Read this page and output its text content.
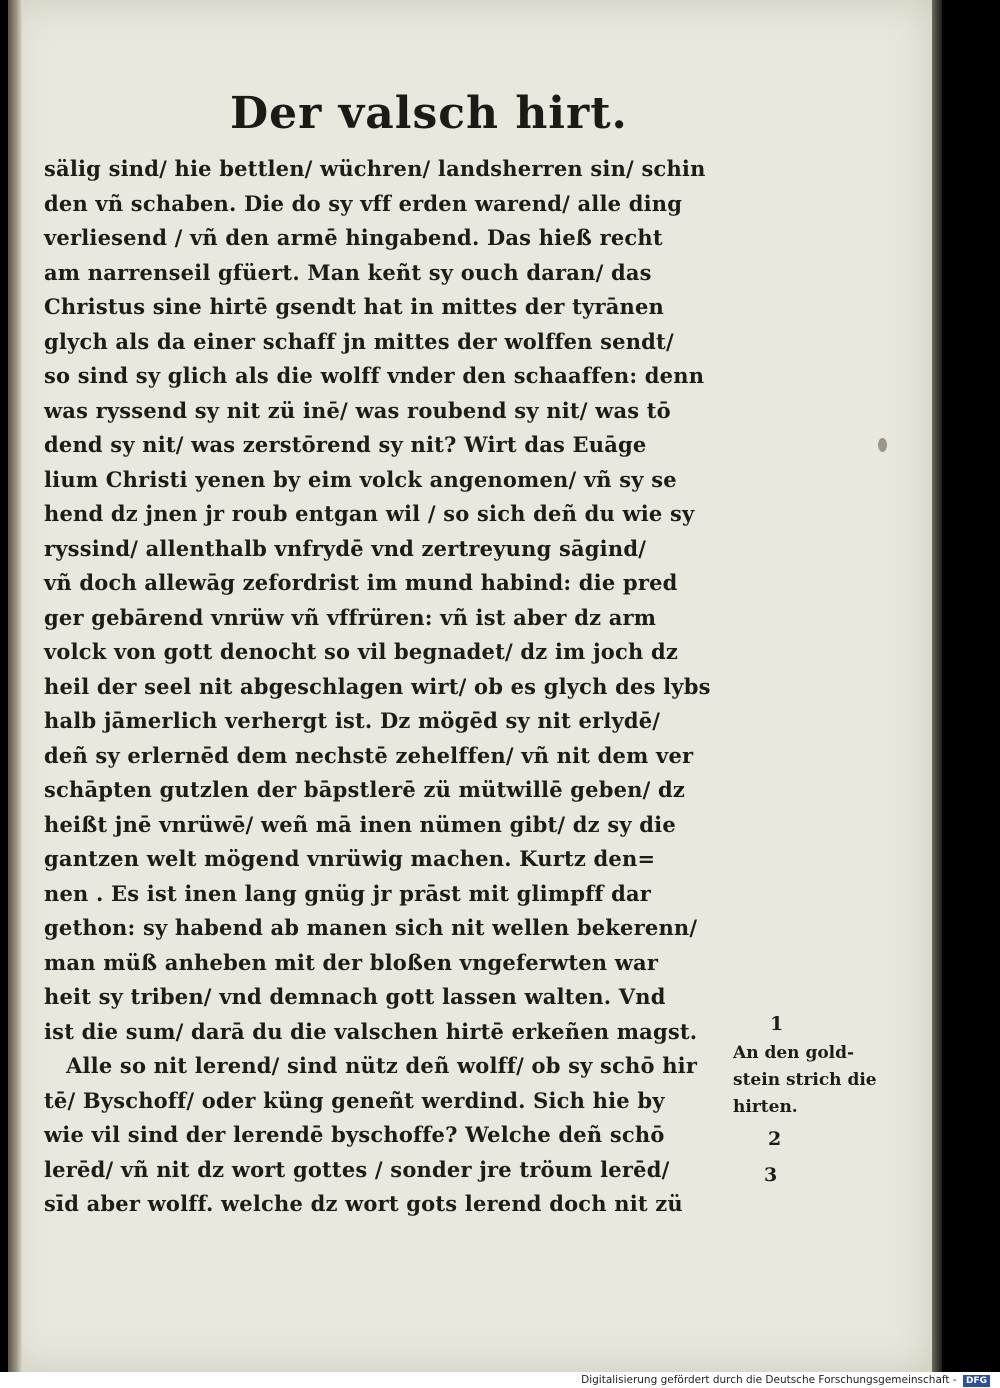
Der valsch hirt.
sälig sind/ hie bettlen/ wüchren/ landsherren sin/ schin
den vñ schaben. Die do sy vff erden warend/ alle ding
verliesend / vñ den armē hingabend. Das hieß recht
am narrenseil gfüert. Man keñt sy ouch daran/ das
Christus sine hirtē gsendt hat in mittes der tyrānen
glych als da einer schaff jn mittes der wolffen sendt/
so sind sy glich als die wolff vnder den schaaffen: denn
was ryssend sy nit zü inē/ was roubend sy nit/ was tō
dend sy nit/ was zerstōrend sy nit? Wirt das Euāge
lium Christi yenen by eim volck angenomen/ vñ sy se
hend dz jnen jr roub entgan wil / so sich deñ du wie sy
ryssind/ allenthalb vnfrydē vnd zertreyung sāgind/
vñ doch allewāg zefordrist im mund habind: die pred
ger gebārend vnrüw vñ vffrüren: vñ ist aber dz arm
volck von gott denocht so vil begnadet/ dz im joch dz
heil der seel nit abgeschlagen wirt/ ob es glych des lybs
halb jāmerlich verhergt ist. Dz mögēd sy nit erlydē/
deñ sy erlernēd dem nechstē zehelffen/ vñ nit dem ver
schāpten gutzlen der bāpstlerē zü mütwillē geben/ dz
heißt jnē vnrüwē/ weñ mā inen nümen gibt/ dz sy die
gantzen welt mögend vnrüwig machen. Kurtz den=
nen . Es ist inen lang gnüg jr prāst mit glimpff dar
gethon: sy habend ab manen sich nit wellen bekerenn/
man müß anheben mit der bloßen vngeferwten war
heit sy triben/ vnd demnach gott lassen walten. Vnd
ist die sum/ darā du die valschen hirtē erkeñen magst.
Alle so nit lerend/ sind nütz deñ wolff/ ob sy schō hir
tē/ Byschoff/ oder küng geneñt werdind. Sich hie by
wie vil sind der lerendē byschoffe? Welche deñ schō
lerēd/ vñ nit dz wort gottes / sonder jre tröum lerēd/
sīd aber wolff. welche dz wort gots lerend doch nit zü
1
An den gold-
stein strich die
hirten.
2
3
Digitalisierung gefördert durch die Deutsche Forschungsgemeinschaft - DFG
